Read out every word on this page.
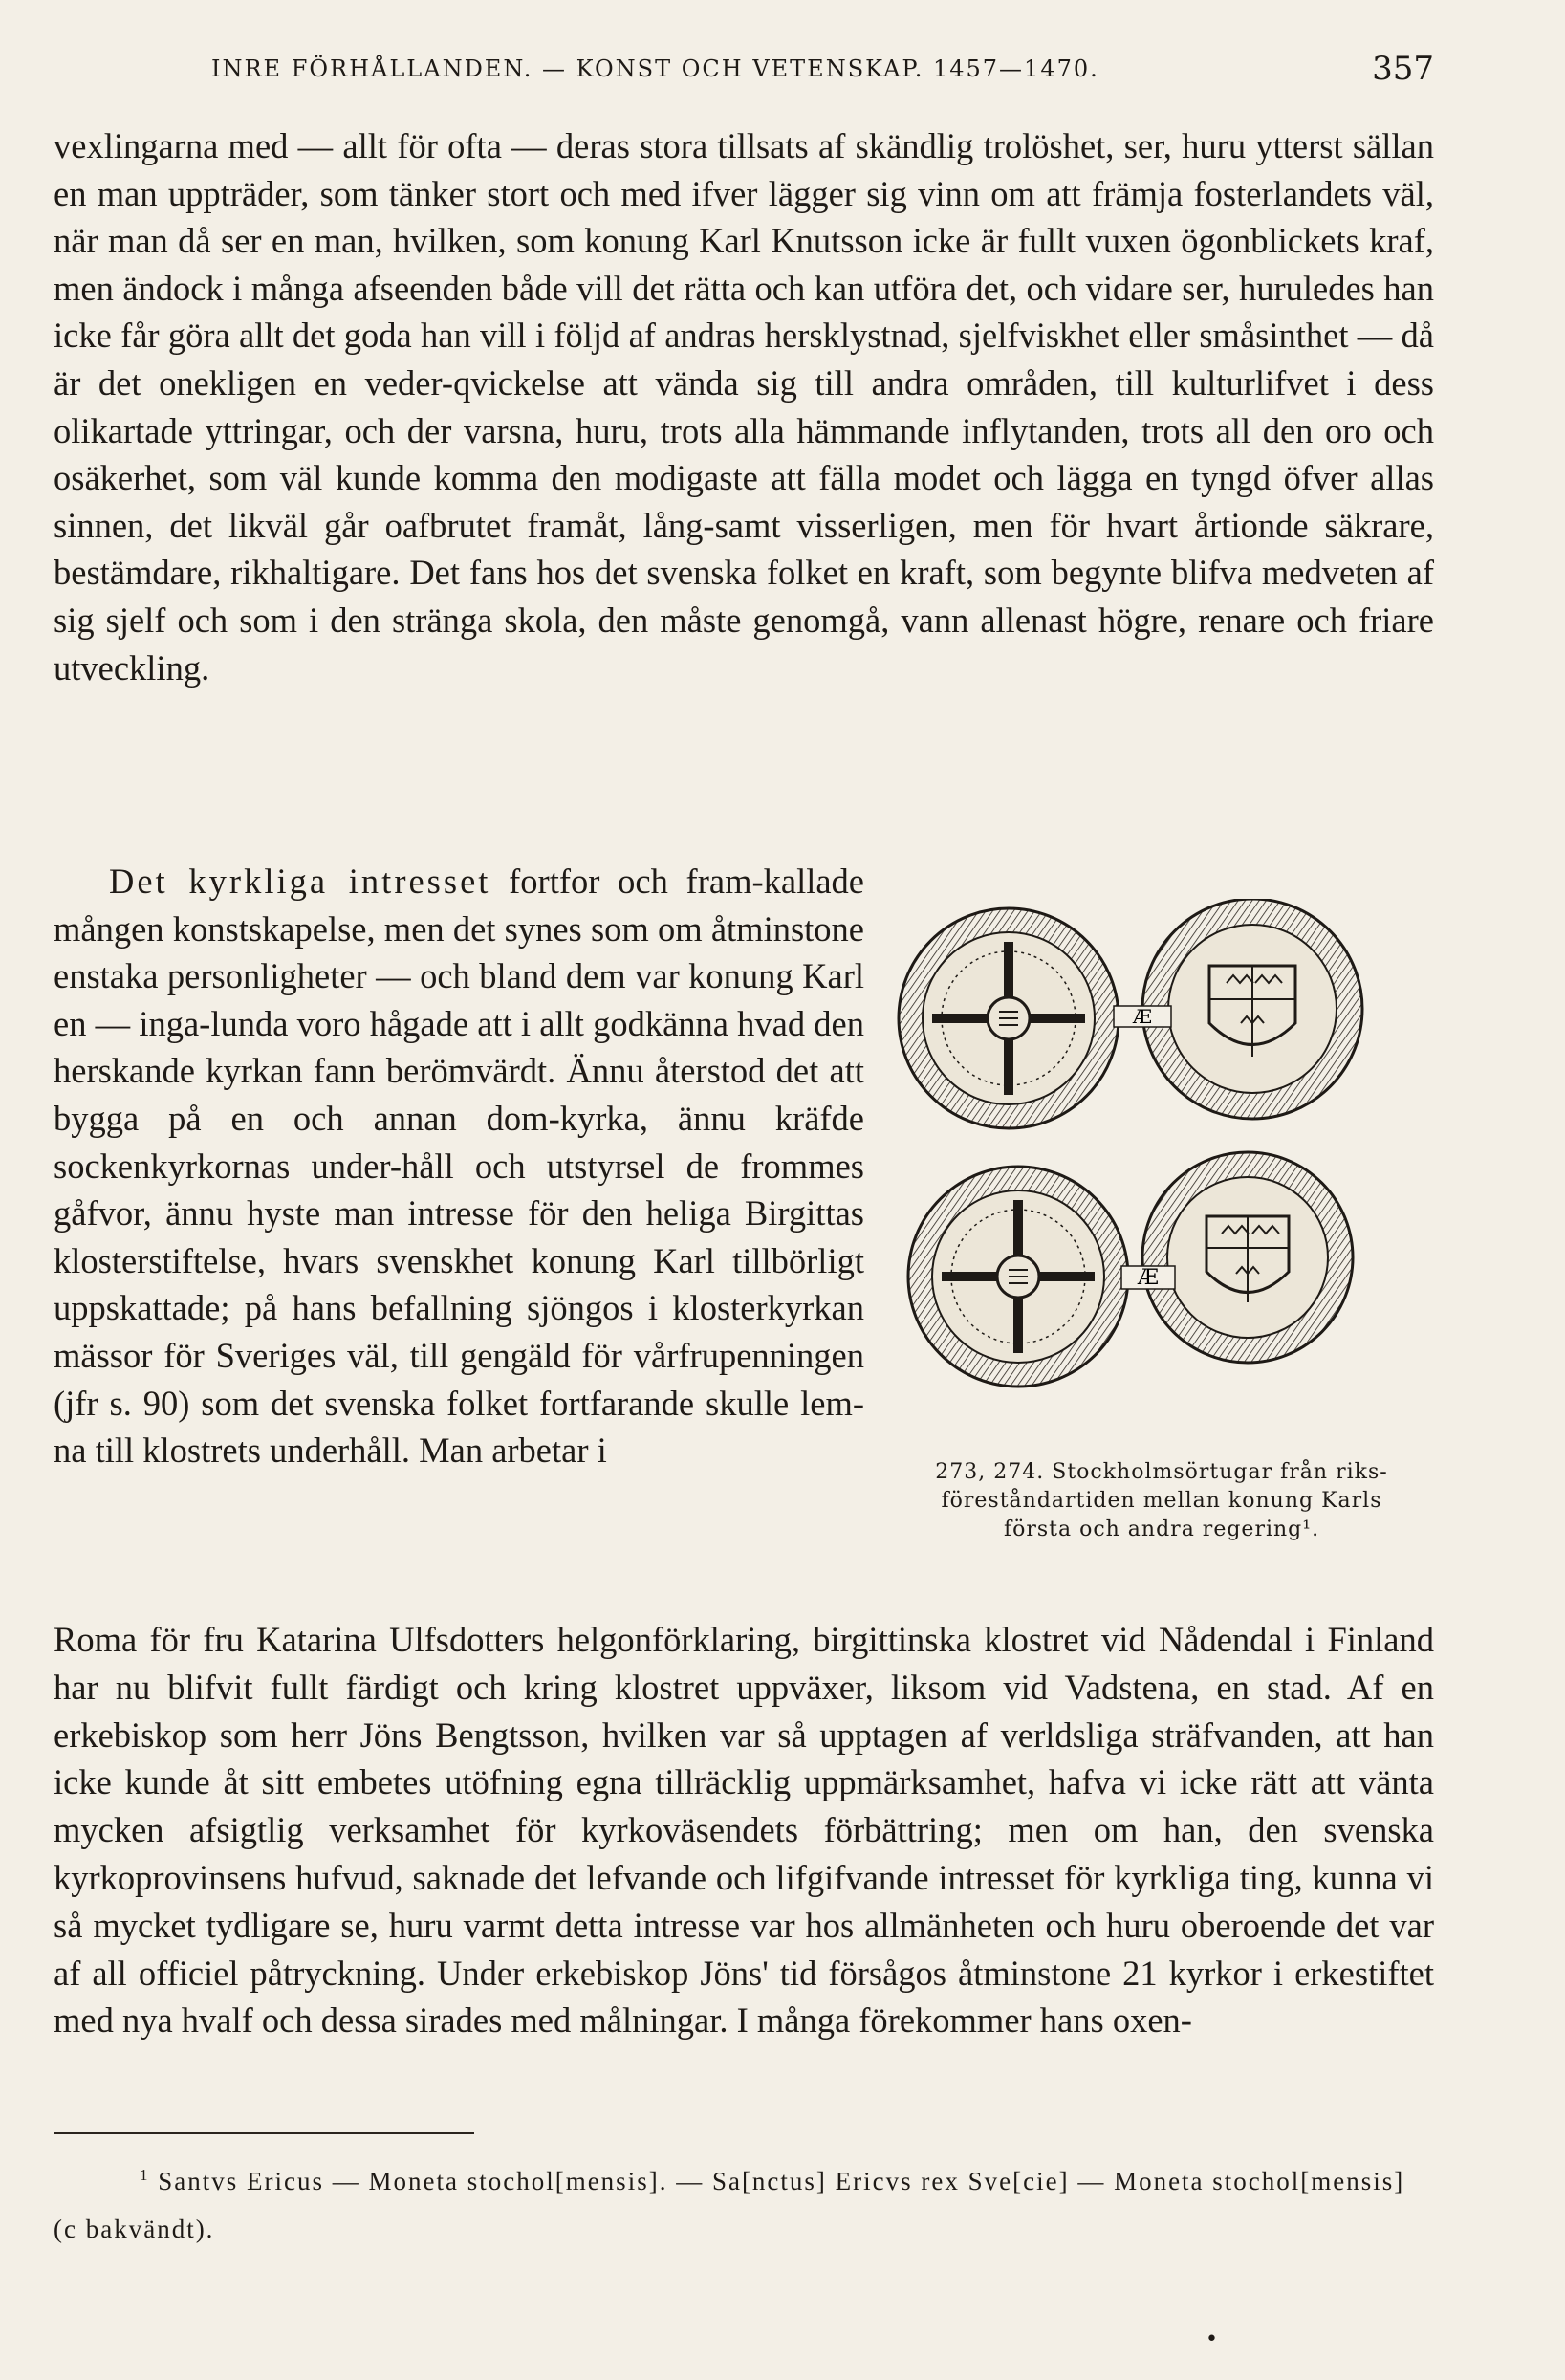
INRE FÖRHÅLLANDEN. — KONST OCH VETENSKAP. 1457—1470.	357

vexlingarna med — allt för ofta — deras stora tillsats af skändlig trolöshet, ser, huru ytterst sällan en man uppträder, som tänker stort och med ifver lägger sig vinn om att främja fosterlandets väl, när man då ser en man, hvilken, som konung Karl Knutsson icke är fullt vuxen ögonblickets kraf, men ändock i många afseenden både vill det rätta och kan utföra det, och vidare ser, huruledes han icke får göra allt det goda han vill i följd af andras hersklystnad, sjelfviskhet eller småsinthet — då är det onekligen en veder-qvickelse att vända sig till andra områden, till kulturlifvet i dess olikartade yttringar, och der varsna, huru, trots alla hämmande inflytanden, trots all den oro och osäkerhet, som väl kunde komma den modigaste att fälla modet och lägga en tyngd öfver allas sinnen, det likväl går oafbrutet framåt, lång-samt visserligen, men för hvart årtionde säkrare, bestämdare, rikhaltigare. Det fans hos det svenska folket en kraft, som begynte blifva medveten af sig sjelf och som i den stränga skola, den måste genomgå, vann allenast högre, renare och friare utveckling.

Det kyrkliga intresset fortfor och fram-kallade mången konstskapelse, men det synes som om åtminstone enstaka personligheter — och bland dem var konung Karl en — inga-lunda voro hågade att i allt godkänna hvad den herskande kyrkan fann berömvärdt. Ännu återstod det att bygga på en och annan dom-kyrka, ännu kräfde sockenkyrkornas under-håll och utstyrsel de frommes gåfvor, ännu hyste man intresse för den heliga Birgittas klosterstiftelse, hvars svenskhet konung Karl tillbörligt uppskattade; på hans befallning sjöngos i klosterkyrkan mässor för Sveriges väl, till gengäld för vårfrupenningen (jfr s. 90) som det svenska folket fortfarande skulle lem-na till klostrets underhåll. Man arbetar i

Æ
Æ
273, 274. Stockholmsörtugar från riks-
föreståndartiden mellan konung Karls
första och andra regering¹.

Roma för fru Katarina Ulfsdotters helgonförklaring, birgittinska klostret vid Nådendal i Finland har nu blifvit fullt färdigt och kring klostret uppväxer, liksom vid Vadstena, en stad. Af en erkebiskop som herr Jöns Bengtsson, hvilken var så upptagen af verldsliga sträfvanden, att han icke kunde åt sitt embetes utöfning egna tillräcklig uppmärksamhet, hafva vi icke rätt att vänta mycken afsigtlig verksamhet för kyrkoväsendets förbättring; men om han, den svenska kyrkoprovinsens hufvud, saknade det lefvande och lifgifvande intresset för kyrkliga ting, kunna vi så mycket tydligare se, huru varmt detta intresse var hos allmänheten och huru oberoende det var af all officiel påtryckning. Under erkebiskop Jöns' tid försågos åtminstone 21 kyrkor i erkestiftet med nya hvalf och dessa sirades med målningar. I många förekommer hans oxen-

$^1$ Santvs Ericus — Moneta stochol[mensis]. — Sa[nctus] Ericvs rex Sve[cie] — Moneta stochol[mensis] (c bakvändt).
•
